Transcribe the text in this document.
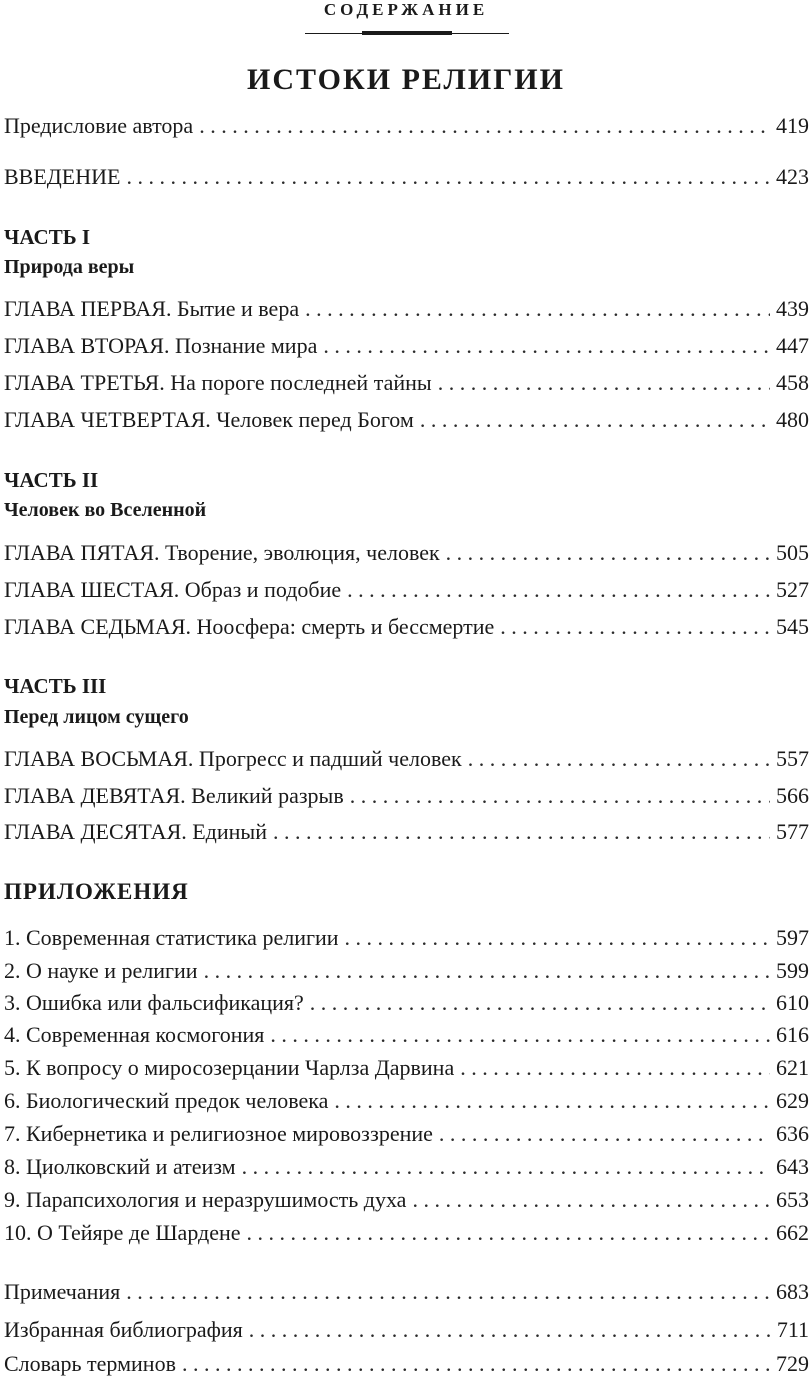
СОДЕРЖАНИЕ
ИСТОКИ РЕЛИГИИ
Предисловие автора . . .	419
ВВЕДЕНИЕ . . .	423
ЧАСТЬ I
Природа веры
ГЛАВА ПЕРВАЯ. Бытие и вера . . .	439
ГЛАВА ВТОРАЯ. Познание мира . . .	447
ГЛАВА ТРЕТЬЯ. На пороге последней тайны . . .	458
ГЛАВА ЧЕТВЕРТАЯ. Человек перед Богом . . .	480
ЧАСТЬ II
Человек во Вселенной
ГЛАВА ПЯТАЯ. Творение, эволюция, человек . . .	505
ГЛАВА ШЕСТАЯ. Образ и подобие . . .	527
ГЛАВА СЕДЬМАЯ. Ноосфера: смерть и бессмертие . . .	545
ЧАСТЬ III
Перед лицом сущего
ГЛАВА ВОСЬМАЯ. Прогресс и падший человек . . .	557
ГЛАВА ДЕВЯТАЯ. Великий разрыв . . .	566
ГЛАВА ДЕСЯТАЯ. Единый . . .	577
ПРИЛОЖЕНИЯ
1. Современная статистика религии . . .	597
2. О науке и религии . . .	599
3. Ошибка или фальсификация? . . .	610
4. Современная космогония . . .	616
5. К вопросу о миросозерцании Чарлза Дарвина . . .	621
6. Биологический предок человека . . .	629
7. Кибернетика и религиозное мировоззрение . . .	636
8. Циолковский и атеизм . . .	643
9. Парапсихология и неразрушимость духа . . .	653
10. О Тейяре де Шардене . . .	662
Примечания . . .	683
Избранная библиография . . .	711
Словарь терминов . . .	729
